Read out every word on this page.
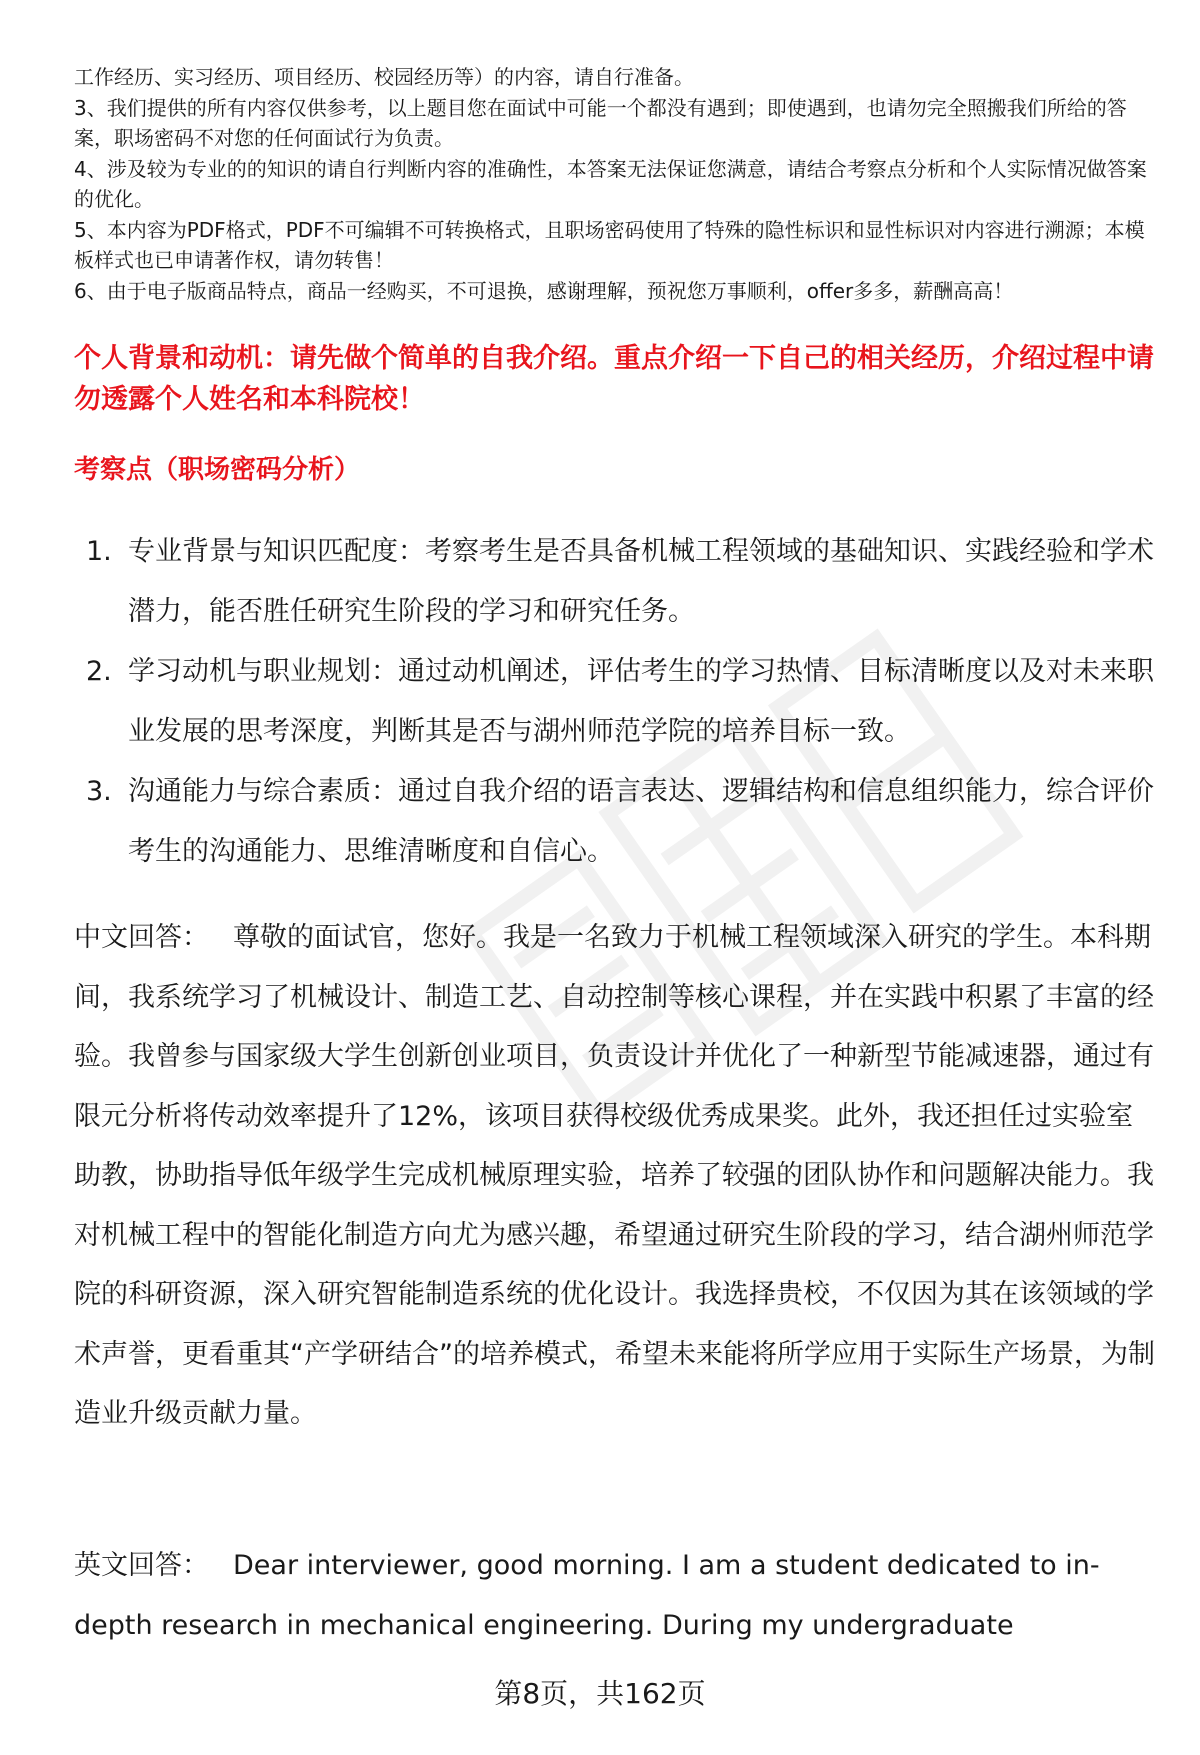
工作经历、实习经历、项目经历、校园经历等）的内容，请自行准备。

3、我们提供的所有内容仅供参考，以上题目您在面试中可能一个都没有遇到；即使遇到，也请勿完全照搬我们所给的答案，职场密码不对您的任何面试行为负责。

4、涉及较为专业的的知识的请自行判断内容的准确性，本答案无法保证您满意，请结合考察点分析和个人实际情况做答案的优化。

5、本内容为PDF格式，PDF不可编辑不可转换格式，且职场密码使用了特殊的隐性标识和显性标识对内容进行溯源；本模板样式也已申请著作权，请勿转售！

6、由于电子版商品特点，商品一经购买，不可退换，感谢理解，预祝您万事顺利，offer多多，薪酬高高！

个人背景和动机：请先做个简单的自我介绍。重点介绍一下自己的相关经历，介绍过程中请勿透露个人姓名和本科院校！
考察点（职场密码分析）
1. 专业背景与知识匹配度：考察考生是否具备机械工程领域的基础知识、实践经验和学术潜力，能否胜任研究生阶段的学习和研究任务。
2. 学习动机与职业规划：通过动机阐述，评估考生的学习热情、目标清晰度以及对未来职业发展的思考深度，判断其是否与湖州师范学院的培养目标一致。
3. 沟通能力与综合素质：通过自我介绍的语言表达、逻辑结构和信息组织能力，综合评价考生的沟通能力、思维清晰度和自信心。

中文回答： 尊敬的面试官，您好。我是一名致力于机械工程领域深入研究的学生。本科期间，我系统学习了机械设计、制造工艺、自动控制等核心课程，并在实践中积累了丰富的经验。我曾参与国家级大学生创新创业项目，负责设计并优化了一种新型节能减速器，通过有限元分析将传动效率提升了12%，该项目获得校级优秀成果奖。此外，我还担任过实验室助教，协助指导低年级学生完成机械原理实验，培养了较强的团队协作和问题解决能力。我对机械工程中的智能化制造方向尤为感兴趣，希望通过研究生阶段的学习，结合湖州师范学院的科研资源，深入研究智能制造系统的优化设计。我选择贵校，不仅因为其在该领域的学术声誉，更看重其“产学研结合”的培养模式，希望未来能将所学应用于实际生产场景，为制造业升级贡献力量。

英文回答： Dear interviewer, good morning. I am a student dedicated to in-depth research in mechanical engineering. During my undergraduate

第8页，共162页
